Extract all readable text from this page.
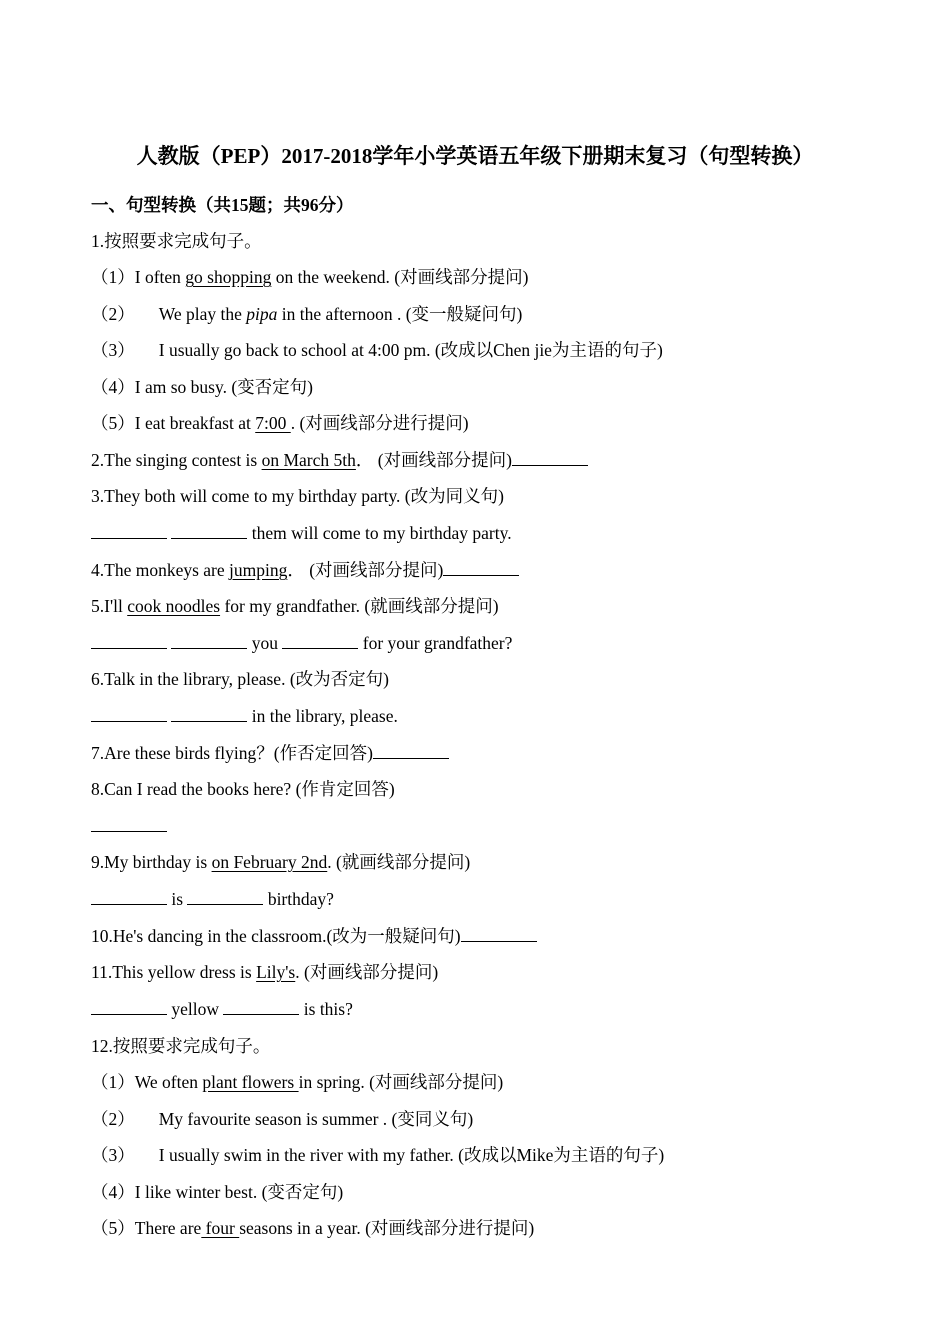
人教版（PEP）2017-2018学年小学英语五年级下册期末复习（句型转换）
一、句型转换（共15题；共96分）
1.按照要求完成句子。
（1）I often go shopping on the weekend. (对画线部分提问)
（2） We play the pipa in the afternoon . (变一般疑问句)
（3） I usually go back to school at 4:00 pm. (改成以Chen jie为主语的句子)
（4）I am so busy. (变否定句)
（5）I eat breakfast at 7:00 . (对画线部分进行提问)
2.The singing contest is on March 5th． (对画线部分提问)
3.They both will come to my birthday party. (改为同义句)
them will come to my birthday party.
4.The monkeys are jumping． (对画线部分提问)
5.I'll cook noodles for my grandfather. (就画线部分提问)
you	for your grandfather?
6.Talk in the library, please. (改为否定句)
in the library, please.
7.Are these birds flying？(作否定回答)
8.Can I read the books here? (作肯定回答)
9.My birthday is on February 2nd. (就画线部分提问)
is	birthday?
10.He's dancing in the classroom.(改为一般疑问句)
11.This yellow dress is Lily's. (对画线部分提问)
yellow	is this?
12.按照要求完成句子。
（1）We often plant flowers in spring. (对画线部分提问)
（2） My favourite season is summer . (变同义句)
（3） I usually swim in the river with my father. (改成以Mike为主语的句子)
（4）I like winter best. (变否定句)
（5）There are four seasons in a year. (对画线部分进行提问)
